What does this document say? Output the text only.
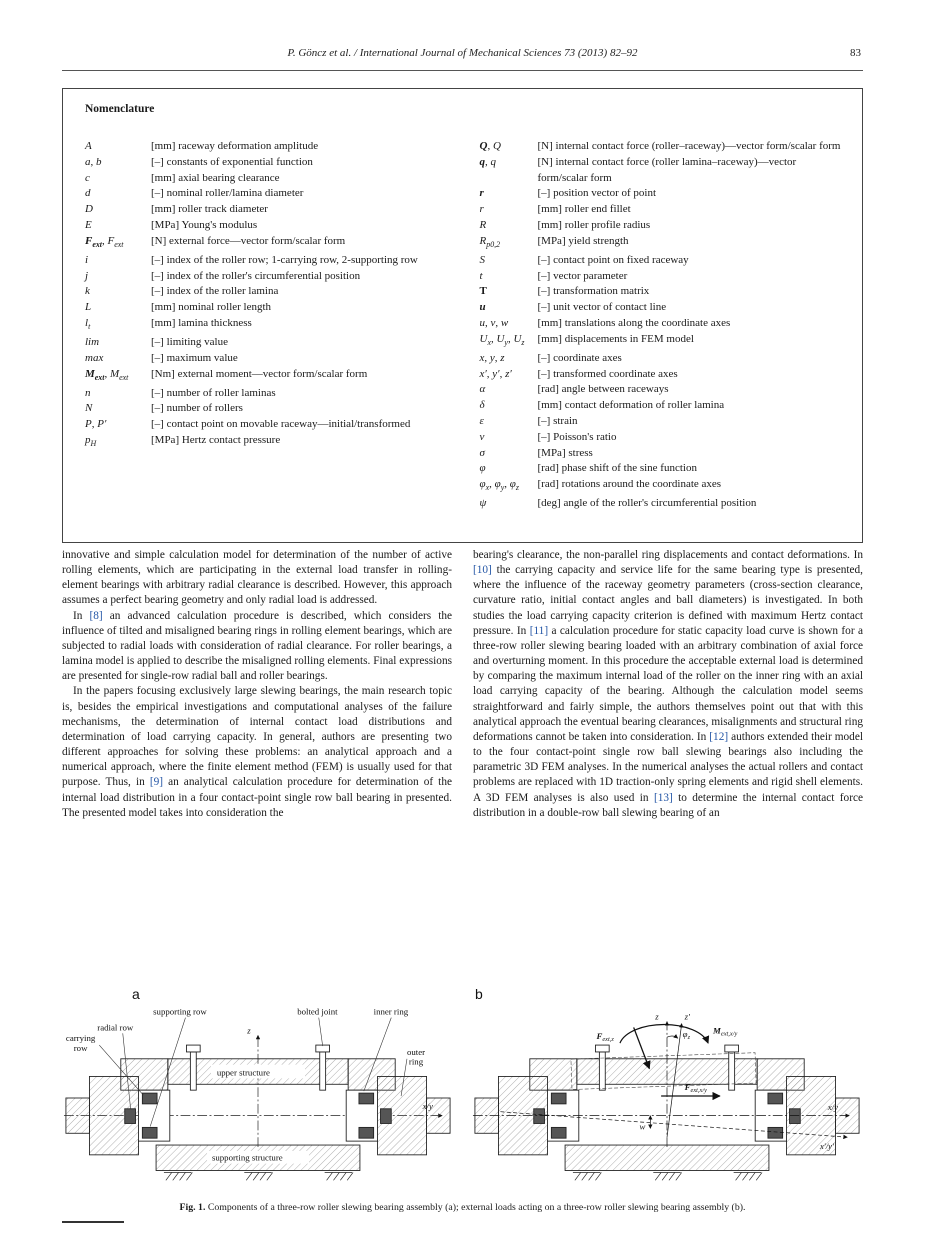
P. Göncz et al. / International Journal of Mechanical Sciences 73 (2013) 82–92	83
Nomenclature
A	[mm] raceway deformation amplitude
a, b	[–] constants of exponential function
c	[mm] axial bearing clearance
d	[–] nominal roller/lamina diameter
D	[mm] roller track diameter
E	[MPa] Young's modulus
$F_{ext}$, $F_{ext}$	[N] external force—vector form/scalar form
i	[–] index of the roller row; 1-carrying row, 2-supporting row
j	[–] index of the roller's circumferential position
k	[–] index of the roller lamina
L	[mm] nominal roller length
$l_t$	[mm] lamina thickness
lim	[–] limiting value
max	[–] maximum value
$M_{ext}$, $M_{ext}$	[Nm] external moment—vector form/scalar form
n	[–] number of roller laminas
N	[–] number of rollers
P, P′	[–] contact point on movable raceway—initial/transformed
$p_H$	[MPa] Hertz contact pressure
Q, Q	[N] internal contact force (roller–raceway)—vector form/scalar form
q, q	[N] internal contact force (roller lamina–raceway)—vector form/scalar form
r	[–] position vector of point
r	[mm] roller end fillet
R	[mm] roller profile radius
$R_{p0,2}$	[MPa] yield strength
S	[–] contact point on fixed raceway
t	[–] vector parameter
T	[–] transformation matrix
u	[–] unit vector of contact line
u, v, w	[mm] translations along the coordinate axes
$U_x$, $U_y$, $U_z$	[mm] displacements in FEM model
x, y, z	[–] coordinate axes
x′, y′, z′	[–] transformed coordinate axes
α	[rad] angle between raceways
δ	[mm] contact deformation of roller lamina
ε	[–] strain
ν	[–] Poisson's ratio
σ	[MPa] stress
φ	[rad] phase shift of the sine function
$\varphi_x$, $\varphi_y$, $\varphi_z$	[rad] rotations around the coordinate axes
ψ	[deg] angle of the roller's circumferential position

innovative and simple calculation model for determination of the number of active rolling elements, which are participating in the external load transfer in rolling-element bearings with arbitrary radial clearance is described. However, this approach assumes a perfect bearing geometry and only radial load is addressed.

In [8] an advanced calculation procedure is described, which considers the influence of tilted and misaligned bearing rings in rolling element bearings, which are subjected to radial loads with consideration of radial clearance. For roller bearings, a lamina model is applied to describe the misaligned rolling elements. Final expressions are presented for single-row radial ball and roller bearings.

In the papers focusing exclusively large slewing bearings, the main research topic is, besides the empirical investigations and computational analyses of the failure mechanisms, the determination of internal contact load distributions and determination of load carrying capacity. In general, authors are presenting two different approaches for solving these problems: an analytical approach and a numerical approach, where the finite element method (FEM) is usually used for that purpose. Thus, in [9] an analytical calculation procedure for determination of the internal load distribution in a four contact-point single row ball bearing in presented. The presented model takes into consideration the

bearing's clearance, the non-parallel ring displacements and contact deformations. In [10] the carrying capacity and service life for the same bearing type is presented, where the influence of the raceway geometry parameters (cross-section clearance, curvature ratio, initial contact angles and ball diameters) is investigated. In both studies the load carrying capacity criterion is defined with maximum Hertz contact pressure. In [11] a calculation procedure for static capacity load curve is shown for a three-row roller slewing bearing loaded with an arbitrary combination of axial force and overturning moment. In this procedure the acceptable external load is determined by comparing the maximum internal load of the roller on the inner ring with an axial load carrying capacity of the bearing. Although the calculation model seems straightforward and fairly simple, the authors themselves point out that with this analytical approach the eventual bearing clearances, misalignments and structural ring deformations cannot be taken into consideration. In [12] authors extended their model to the four contact-point single row ball slewing bearings also including the parametric 3D FEM analyses. In the numerical analyses the actual rollers and contact problems are replaced with 1D traction-only spring elements and rigid shell elements. A 3D FEM analyses is also used in [13] to determine the internal contact force distribution in a double-row ball slewing bearing of an

a
supporting row
radial row
bolted joint	inner ring
carrying
row	outer
ring
upper structure
supporting structure
z
x/y
b
z	z′
$\varphi_z$
$M_{ext,x/y}$
$F_{ext,z}$
$F_{ext,x/y}$
w
x/y
x′/y′
Fig. 1. Components of a three-row roller slewing bearing assembly (a); external loads acting on a three-row roller slewing bearing assembly (b).
